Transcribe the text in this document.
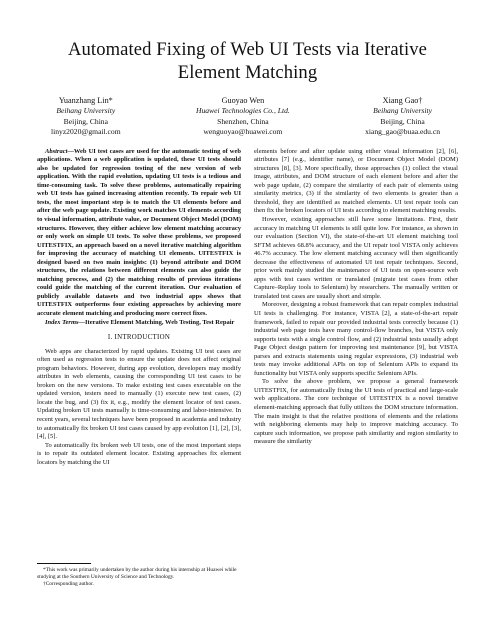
Automated Fixing of Web UI Tests via Iterative Element Matching
Yuanzhang Lin*
Beihang University
Beijing, China
linyz2020@gmail.com
Guoyao Wen
Huawei Technologies Co., Ltd.
Shenzhen, China
wenguoyao@huawei.com
Xiang Gao†
Beihang University
Beijing, China
xiang_gao@buaa.edu.cn

Abstract—Web UI test cases are used for the automatic testing of web applications. When a web application is updated, these UI tests should also be updated for regression testing of the new version of web application. With the rapid evolution, updating UI tests is a tedious and time-consuming task. To solve these problems, automatically repairing web UI tests has gained increasing attention recently. To repair web UI tests, the most important step is to match the UI elements before and after the web page update. Existing work matches UI elements according to visual information, attribute value, or Document Object Model (DOM) structures. However, they either achieve low element matching accuracy or only work on simple UI tests. To solve these problems, we proposed UITESTFIX, an approach based on a novel iterative matching algorithm for improving the accuracy of matching UI elements. UITESTFIX is designed based on two main insights: (1) beyond attribute and DOM structures, the relations between different elements can also guide the matching process, and (2) the matching results of previous iterations could guide the matching of the current iteration. Our evaluation of publicly available datasets and two industrial apps shows that UITESTFIX outperforms four existing approaches by achieving more accurate element matching and producing more correct fixes.

Index Terms—Iterative Element Matching, Web Testing, Test Repair

I. INTRODUCTION

Web apps are characterized by rapid updates. Existing UI test cases are often used as regression tests to ensure the update does not affect original program behaviors. However, during app evolution, developers may modify attributes in web elements, causing the corresponding UI test cases to be broken on the new versions. To make existing test cases executable on the updated version, testers need to manually (1) execute new test cases, (2) locate the bug, and (3) fix it, e.g., modify the element locator of test cases. Updating broken UI tests manually is time-consuming and labor-intensive. In recent years, several techniques have been proposed in academia and industry to automatically fix broken UI test cases caused by app evolution [1], [2], [3], [4], [5].

To automatically fix broken web UI tests, one of the most important steps is to repair its outdated element locator. Existing approaches fix element locators by matching the UI

elements before and after update using either visual information [2], [6], attributes [7] (e.g., identifier name), or Document Object Model (DOM) structures [8], [3]. More specifically, those approaches (1) collect the visual image, attributes, and DOM structure of each element before and after the web page update, (2) compare the similarity of each pair of elements using similarity metrics, (3) if the similarity of two elements is greater than a threshold, they are identified as matched elements. UI test repair tools can then fix the broken locators of UI tests according to element matching results.

However, existing approaches still have some limitations. First, their accuracy in matching UI elements is still quite low. For instance, as shown in our evaluation (Section VI), the state-of-the-art UI element matching tool SFTM achieves 68.8% accuracy, and the UI repair tool VISTA only achieves 46.7% accuracy. The low element matching accuracy will then significantly decrease the effectiveness of automated UI test repair techniques. Second, prior work mainly studied the maintenance of UI tests on open-source web apps with test cases written or translated (migrate test cases from other Capture–Replay tools to Selenium) by researchers. The manually written or translated test cases are usually short and simple.

Moreover, designing a robust framework that can repair complex industrial UI tests is challenging. For instance, VISTA [2], a state-of-the-art repair framework, failed to repair our provided industrial tests correctly because (1) industrial web page tests have many control-flow branches, but VISTA only supports tests with a single control flow, and (2) industrial tests usually adopt Page Object design pattern for improving test maintenance [9], but VISTA parses and extracts statements using regular expressions, (3) industrial web tests may invoke additional APIs on top of Selenium APIs to expand its functionality but VISTA only supports specific Selenium APIs.

To solve the above problem, we propose a general framework UITESTFIX, for automatically fixing the UI tests of practical and large-scale web applications. The core technique of UITESTFIX is a novel iterative element-matching approach that fully utilizes the DOM structure information. The main insight is that the relative positions of elements and the relations with neighboring elements may help to improve matching accuracy. To capture such information, we propose path similarity and region similarity to measure the similarity

*This work was primarily undertaken by the author during his internship at Huawei while studying at the Southern University of Science and Technology.
†Corresponding author.
